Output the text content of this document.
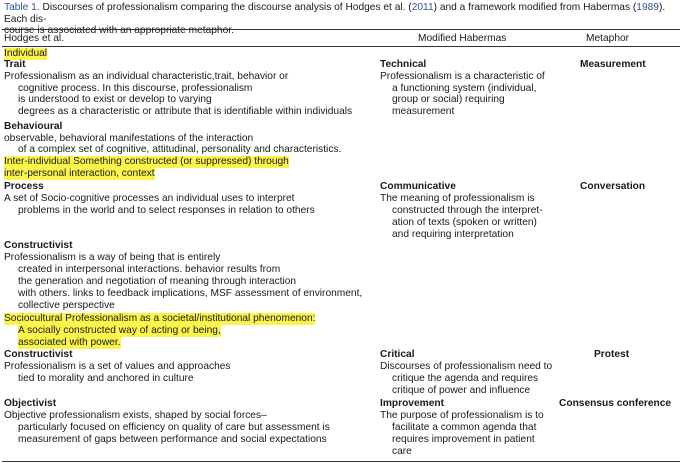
Table 1. Discourses of professionalism comparing the discourse analysis of Hodges et al. (2011) and a framework modified from Habermas (1989). Each dis-
course is associated with an appropriate metaphor.
Hodges et al.	Modified Habermas	Metaphor
Individual
Trait
Professionalism as an individual characteristic,trait, behavior or
cognitive process. In this discourse, professionalism
is understood to exist or develop to varying
degrees as a characteristic or attribute that is identifiable within individuals
Behavioural
observable, behavioral manifestations of the interaction
of a complex set of cognitive, attitudinal, personality and characteristics.
Inter-individual Something constructed (or suppressed) through
inter-personal interaction, context
Process
A set of Socio-cognitive processes an individual uses to interpret
problems in the world and to select responses in relation to others
Constructivist
Professionalism is a way of being that is entirely
created in interpersonal interactions. behavior results from
the generation and negotiation of meaning through interaction
with others. links to feedback implications, MSF assessment of environment,
collective perspective
Sociocultural Professionalism as a societal/institutional phenomenon:
A socially constructed way of acting or being,
associated with power.
Constructivist
Professionalism is a set of values and approaches
tied to morality and anchored in culture
Objectivist
Objective professionalism exists, shaped by social forces–
particularly focused on efficiency on quality of care but assessment is
measurement of gaps between performance and social expectations
Technical
Professionalism is a characteristic of
a functioning system (individual,
group or social) requiring
measurement
Communicative
The meaning of professionalism is
constructed through the interpret-
ation of texts (spoken or written)
and requiring interpretation
Critical
Discourses of professionalism need to
critique the agenda and requires
critique of power and influence
Improvement
The purpose of professionalism is to
facilitate a common agenda that
requires improvement in patient
care
Measurement
Conversation
Protest
Consensus conference
